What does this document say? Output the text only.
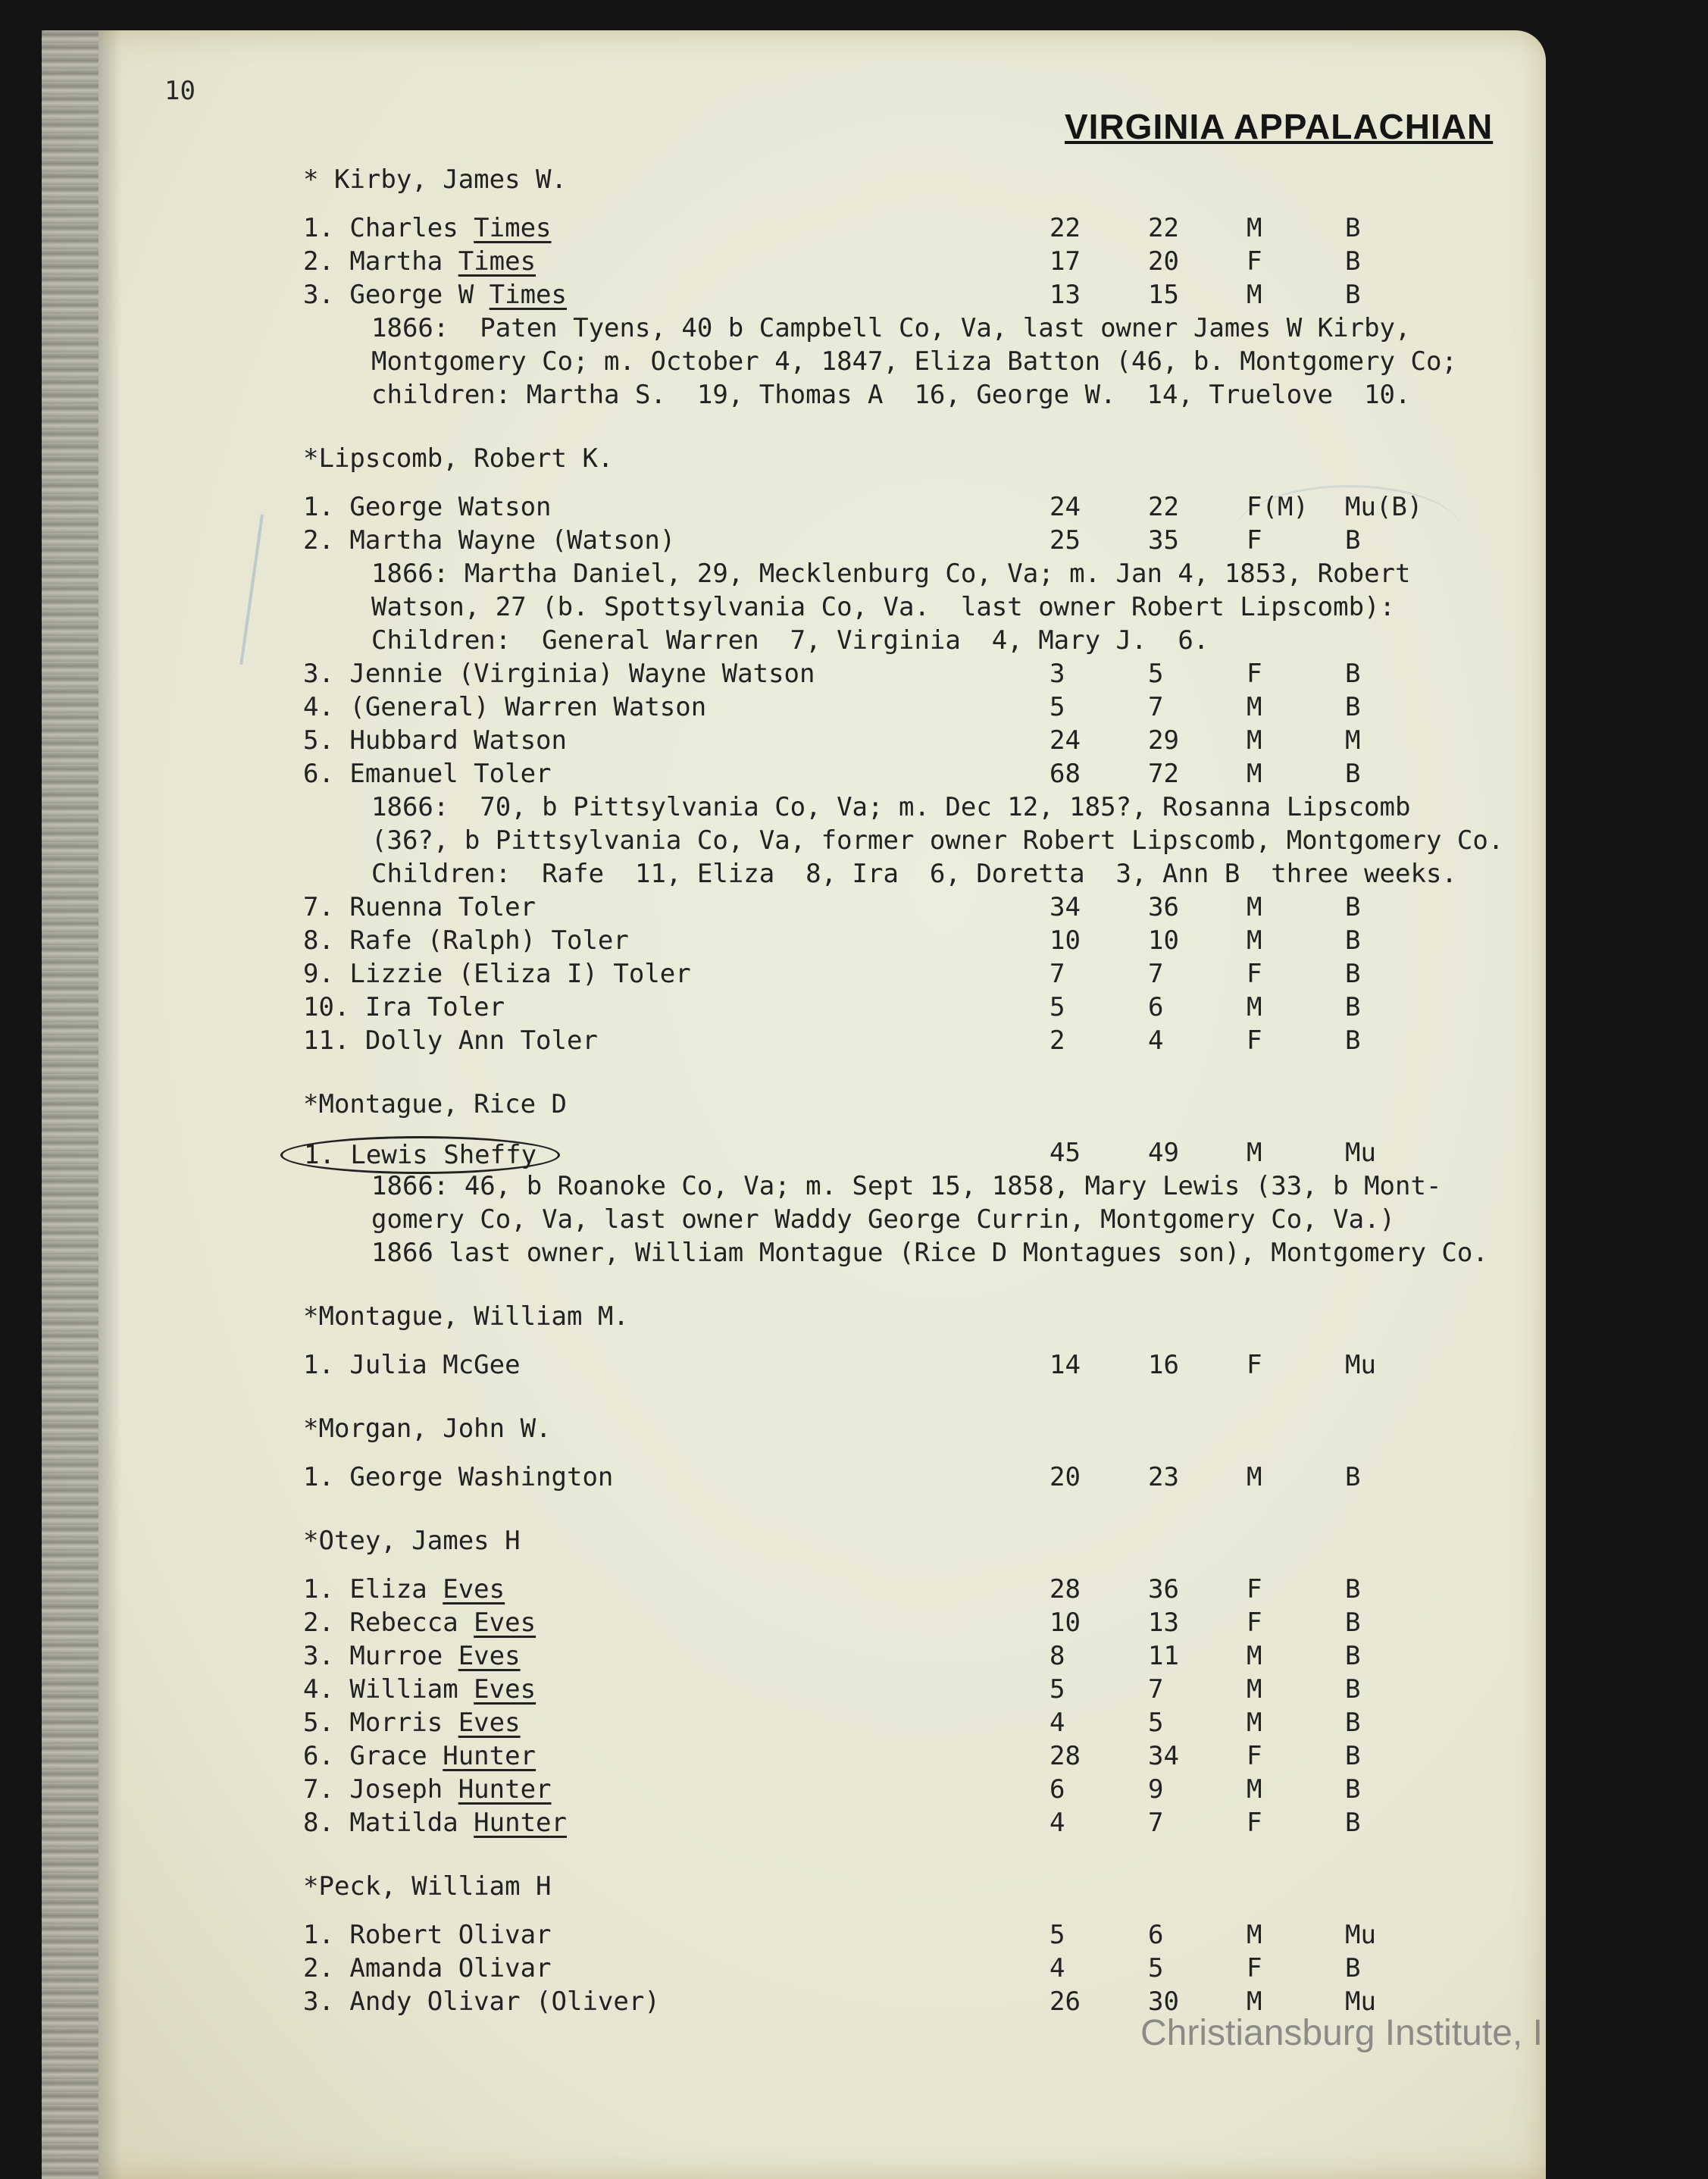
10
VIRGINIA APPALACHIAN
* Kirby, James W.
1. Charles Times	22	22	M	B
2. Martha Times	17	20	F	B
3. George W Times	13	15	M	B

1866:  Paten Tyens, 40 b Campbell Co, Va, last owner James W Kirby,

Montgomery Co; m. October 4, 1847, Eliza Batton (46, b. Montgomery Co;

children: Martha S.  19, Thomas A  16, George W.  14, Truelove  10.

*Lipscomb, Robert K.
1. George Watson	24	22	F(M)	Mu(B)
2. Martha Wayne (Watson)	25	35	F	B

1866: Martha Daniel, 29, Mecklenburg Co, Va; m. Jan 4, 1853, Robert

Watson, 27 (b. Spottsylvania Co, Va.  last owner Robert Lipscomb):

Children:  General Warren  7, Virginia  4, Mary J.  6.

3. Jennie (Virginia) Wayne Watson	3	5	F	B
4. (General) Warren Watson	5	7	M	B
5. Hubbard Watson	24	29	M	M
6. Emanuel Toler	68	72	M	B

1866:  70, b Pittsylvania Co, Va; m. Dec 12, 185?, Rosanna Lipscomb

(36?, b Pittsylvania Co, Va, former owner Robert Lipscomb, Montgomery Co.

Children:  Rafe  11, Eliza  8, Ira  6, Doretta  3, Ann B  three weeks.

7. Ruenna Toler	34	36	M	B
8. Rafe (Ralph) Toler	10	10	M	B
9. Lizzie (Eliza I) Toler	7	7	F	B
10. Ira Toler	5	6	M	B
11. Dolly Ann Toler	2	4	F	B
*Montague, Rice D
1. Lewis Sheffy	45	49	M	Mu

1866: 46, b Roanoke Co, Va; m. Sept 15, 1858, Mary Lewis (33, b Mont-

gomery Co, Va, last owner Waddy George Currin, Montgomery Co, Va.)

1866 last owner, William Montague (Rice D Montagues son), Montgomery Co.

*Montague, William M.
1. Julia McGee	14	16	F	Mu
*Morgan, John W.
1. George Washington	20	23	M	B
*Otey, James H
1. Eliza Eves	28	36	F	B
2. Rebecca Eves	10	13	F	B
3. Murroe Eves	8	11	M	B
4. William Eves	5	7	M	B
5. Morris Eves	4	5	M	B
6. Grace Hunter	28	34	F	B
7. Joseph Hunter	6	9	M	B
8. Matilda Hunter	4	7	F	B
*Peck, William H
1. Robert Olivar	5	6	M	Mu
2. Amanda Olivar	4	5	F	B
3. Andy Olivar (Oliver)	26	30	M	Mu
Christiansburg Institute, I
